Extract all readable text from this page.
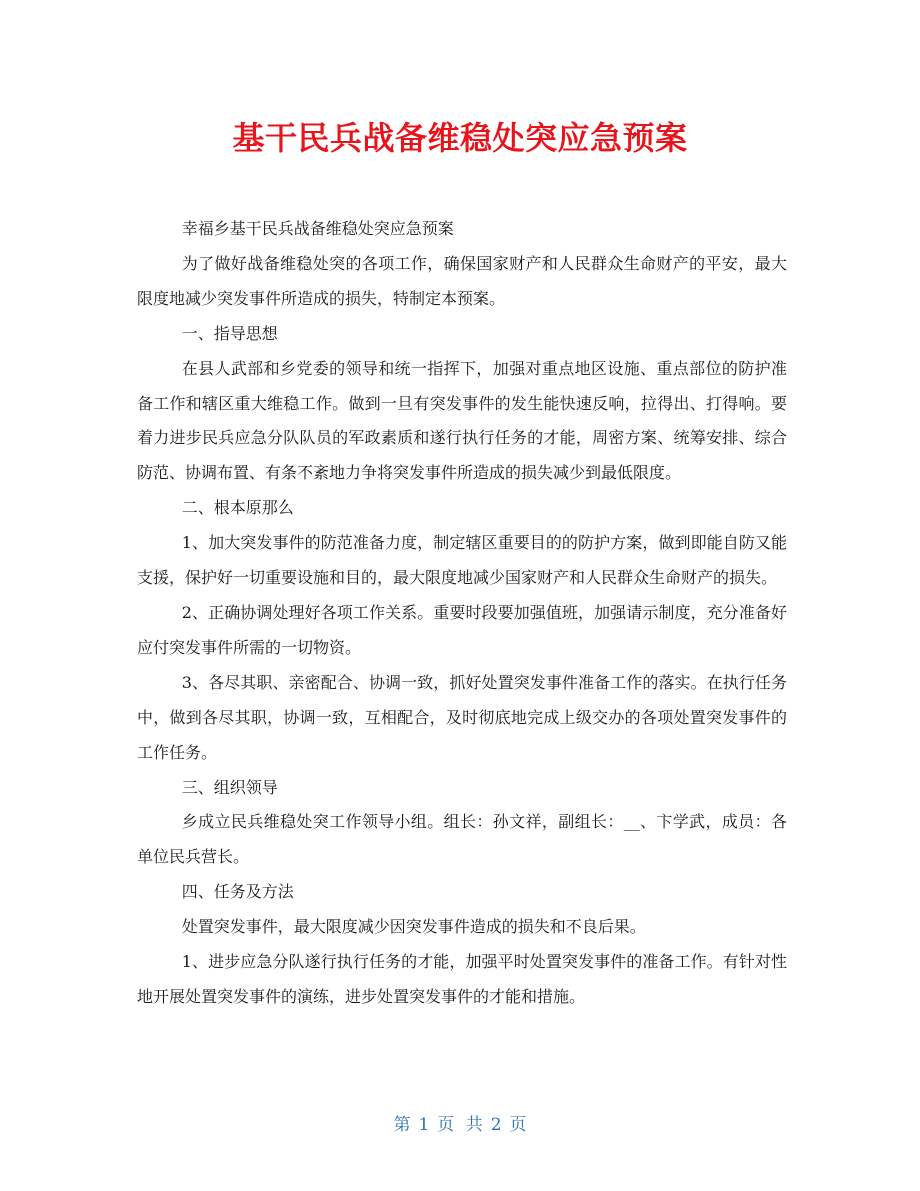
基干民兵战备维稳处突应急预案

幸福乡基干民兵战备维稳处突应急预案

为了做好战备维稳处突的各项工作，确保国家财产和人民群众生命财产的平安，最大限度地减少突发事件所造成的损失，特制定本预案。

一、指导思想

在县人武部和乡党委的领导和统一指挥下，加强对重点地区设施、重点部位的防护准备工作和辖区重大维稳工作。做到一旦有突发事件的发生能快速反响，拉得出、打得响。要着力进步民兵应急分队队员的军政素质和遂行执行任务的才能，周密方案、统筹安排、综合防范、协调布置、有条不紊地力争将突发事件所造成的损失减少到最低限度。

二、根本原那么

1、加大突发事件的防范准备力度，制定辖区重要目的的防护方案，做到即能自防又能支援，保护好一切重要设施和目的，最大限度地减少国家财产和人民群众生命财产的损失。

2、正确协调处理好各项工作关系。重要时段要加强值班，加强请示制度，充分准备好应付突发事件所需的一切物资。

3、各尽其职、亲密配合、协调一致，抓好处置突发事件准备工作的落实。在执行任务中，做到各尽其职，协调一致，互相配合，及时彻底地完成上级交办的各项处置突发事件的工作任务。

三、组织领导

乡成立民兵维稳处突工作领导小组。组长：孙文祥，副组长：__、卞学武，成员：各单位民兵营长。

四、任务及方法

处置突发事件，最大限度减少因突发事件造成的损失和不良后果。

1、进步应急分队遂行执行任务的才能，加强平时处置突发事件的准备工作。有针对性地开展处置突发事件的演练，进步处置突发事件的才能和措施。

第 1 页 共 2 页
